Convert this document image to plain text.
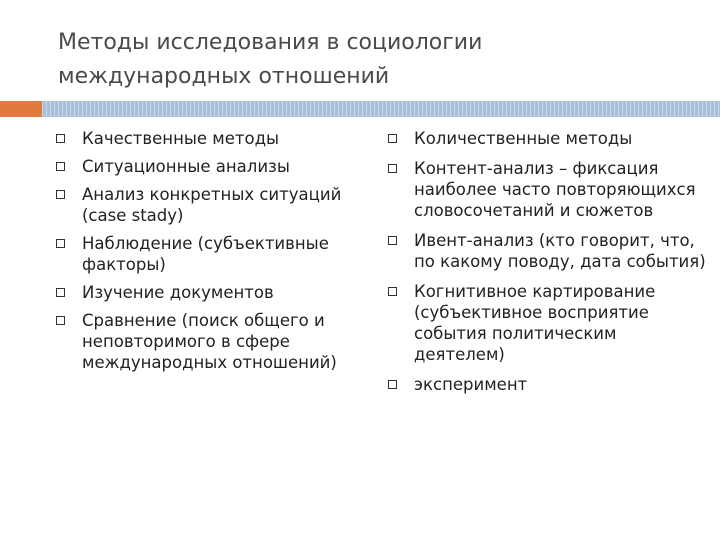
Методы исследования в социологии международных отношений
Качественные методы
Ситуационные анализы
Анализ конкретных ситуаций (case stady)
Наблюдение (субъективные факторы)
Изучение документов
Сравнение (поиск общего и неповторимого в сфере международных отношений)
Количественные методы
Контент-анализ – фиксация наиболее часто повторяющихся словосочетаний и сюжетов
Ивент-анализ (кто говорит, что, по какому поводу, дата события)
Когнитивное картирование (субъективное восприятие события политическим деятелем)
эксперимент
